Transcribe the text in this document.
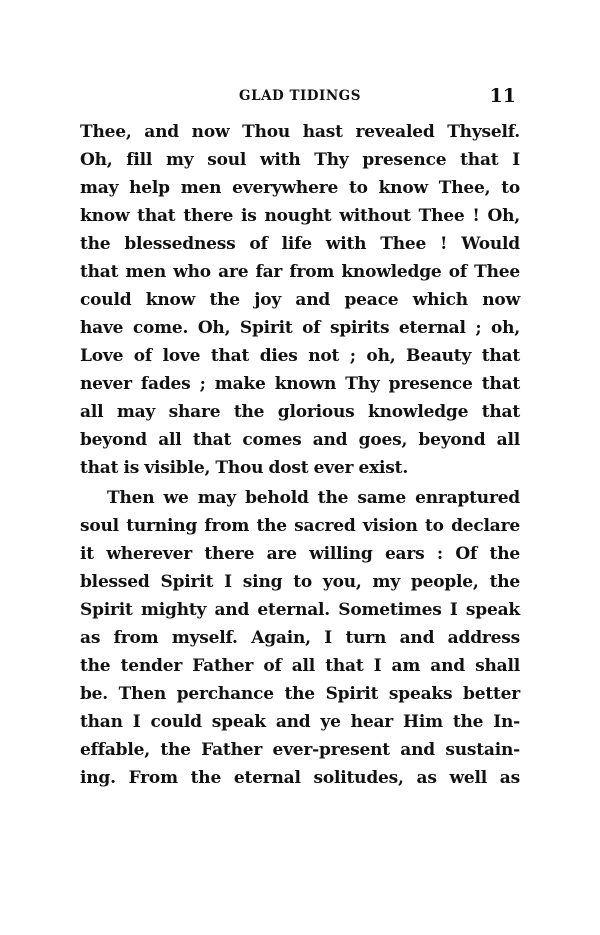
GLAD TIDINGS	11
Thee, and now Thou hast revealed Thyself.
Oh, fill my soul with Thy presence that I
may help men everywhere to know Thee, to
know that there is nought without Thee ! Oh,
the blessedness of life with Thee ! Would
that men who are far from knowledge of Thee
could know the joy and peace which now
have come. Oh, Spirit of spirits eternal ; oh,
Love of love that dies not ; oh, Beauty that
never fades ; make known Thy presence that
all may share the glorious knowledge that
beyond all that comes and goes, beyond all
that is visible, Thou dost ever exist.
Then we may behold the same enraptured
soul turning from the sacred vision to declare
it wherever there are willing ears : Of the
blessed Spirit I sing to you, my people, the
Spirit mighty and eternal. Sometimes I speak
as from myself. Again, I turn and address
the tender Father of all that I am and shall
be. Then perchance the Spirit speaks better
than I could speak and ye hear Him the In-
effable, the Father ever-present and sustain-
ing. From the eternal solitudes, as well as
